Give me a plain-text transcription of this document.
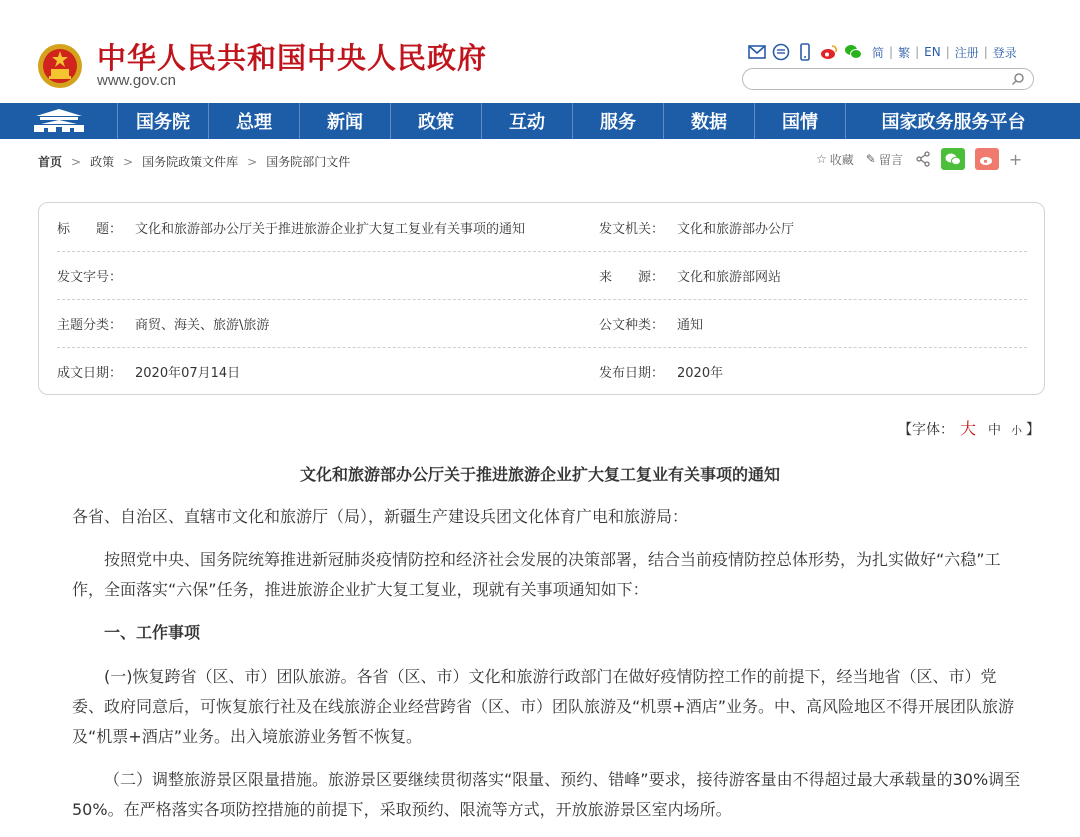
中华人民共和国中央人民政府
www.gov.cn
简 | 繁 | EN | 注册 | 登录
国务院	总理	新闻	政策	互动	服务	数据	国情	国家政务服务平台
首页 > 政策 > 国务院政策文件库 > 国务院部门文件	☆ 收藏 ✎ 留言	+
标　　题： 文化和旅游部办公厅关于推进旅游企业扩大复工复业有关事项的通知	发文机关： 文化和旅游部办公厅
发文字号：	来　　源： 文化和旅游部网站
主题分类： 商贸、海关、旅游\旅游	公文种类： 通知
成文日期： 2020年07月14日	发布日期： 2020年
【字体： 大 中 小 】
文化和旅游部办公厅关于推进旅游企业扩大复工复业有关事项的通知
各省、自治区、直辖市文化和旅游厅（局），新疆生产建设兵团文化体育广电和旅游局：
按照党中央、国务院统筹推进新冠肺炎疫情防控和经济社会发展的决策部署，结合当前疫情防控总体形势，为扎实做好“六稳”工作，全面落实“六保”任务，推进旅游企业扩大复工复业，现就有关事项通知如下：
一、工作事项
(一)恢复跨省（区、市）团队旅游。各省（区、市）文化和旅游行政部门在做好疫情防控工作的前提下，经当地省（区、市）党委、政府同意后，可恢复旅行社及在线旅游企业经营跨省（区、市）团队旅游及“机票+酒店”业务。中、高风险地区不得开展团队旅游及“机票+酒店”业务。出入境旅游业务暂不恢复。
（二）调整旅游景区限量措施。旅游景区要继续贯彻落实“限量、预约、错峰”要求，接待游客量由不得超过最大承载量的30%调至50%。在严格落实各项防控措施的前提下，采取预约、限流等方式，开放旅游景区室内场所。
